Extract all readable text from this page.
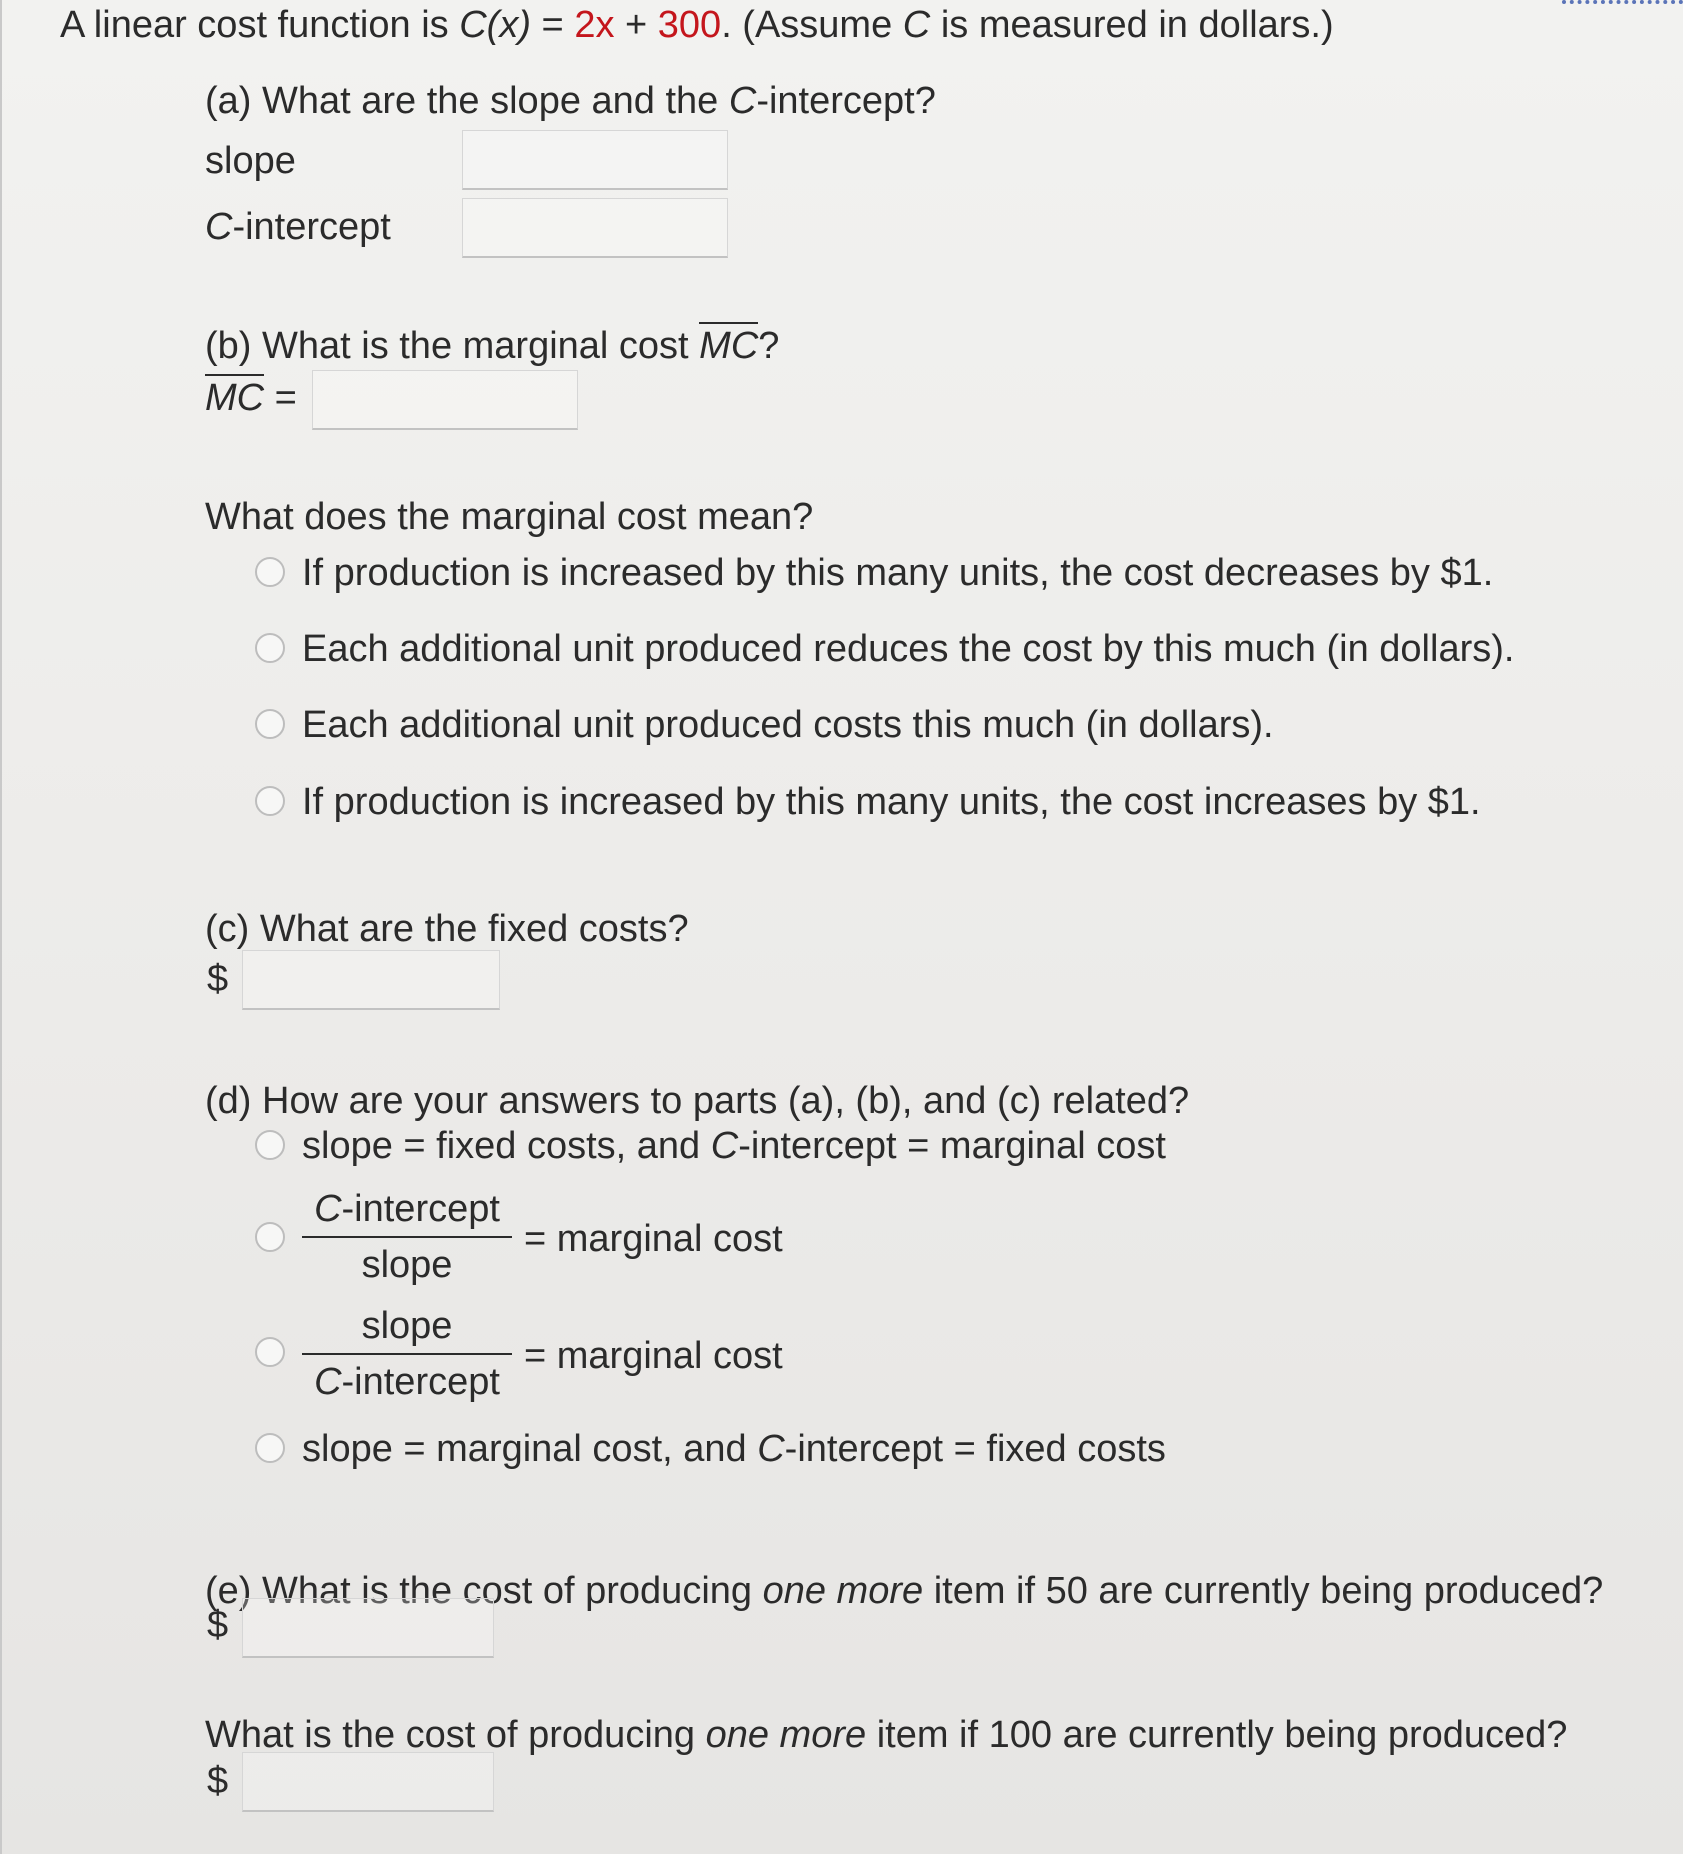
A linear cost function is C(x) = 2x + 300. (Assume C is measured in dollars.)
(a) What are the slope and the C-intercept?
slope
C-intercept
(b) What is the marginal cost MC?
MC =
What does the marginal cost mean?
If production is increased by this many units, the cost decreases by $1.
Each additional unit produced reduces the cost by this much (in dollars).
Each additional unit produced costs this much (in dollars).
If production is increased by this many units, the cost increases by $1.
(c) What are the fixed costs?
$
(d) How are your answers to parts (a), (b), and (c) related?
slope = fixed costs, and C-intercept = marginal cost
C-intercept
slope
= marginal cost
slope
C-intercept
= marginal cost
slope = marginal cost, and C-intercept = fixed costs
(e) What is the cost of producing one more item if 50 are currently being produced?
$
What is the cost of producing one more item if 100 are currently being produced?
$
